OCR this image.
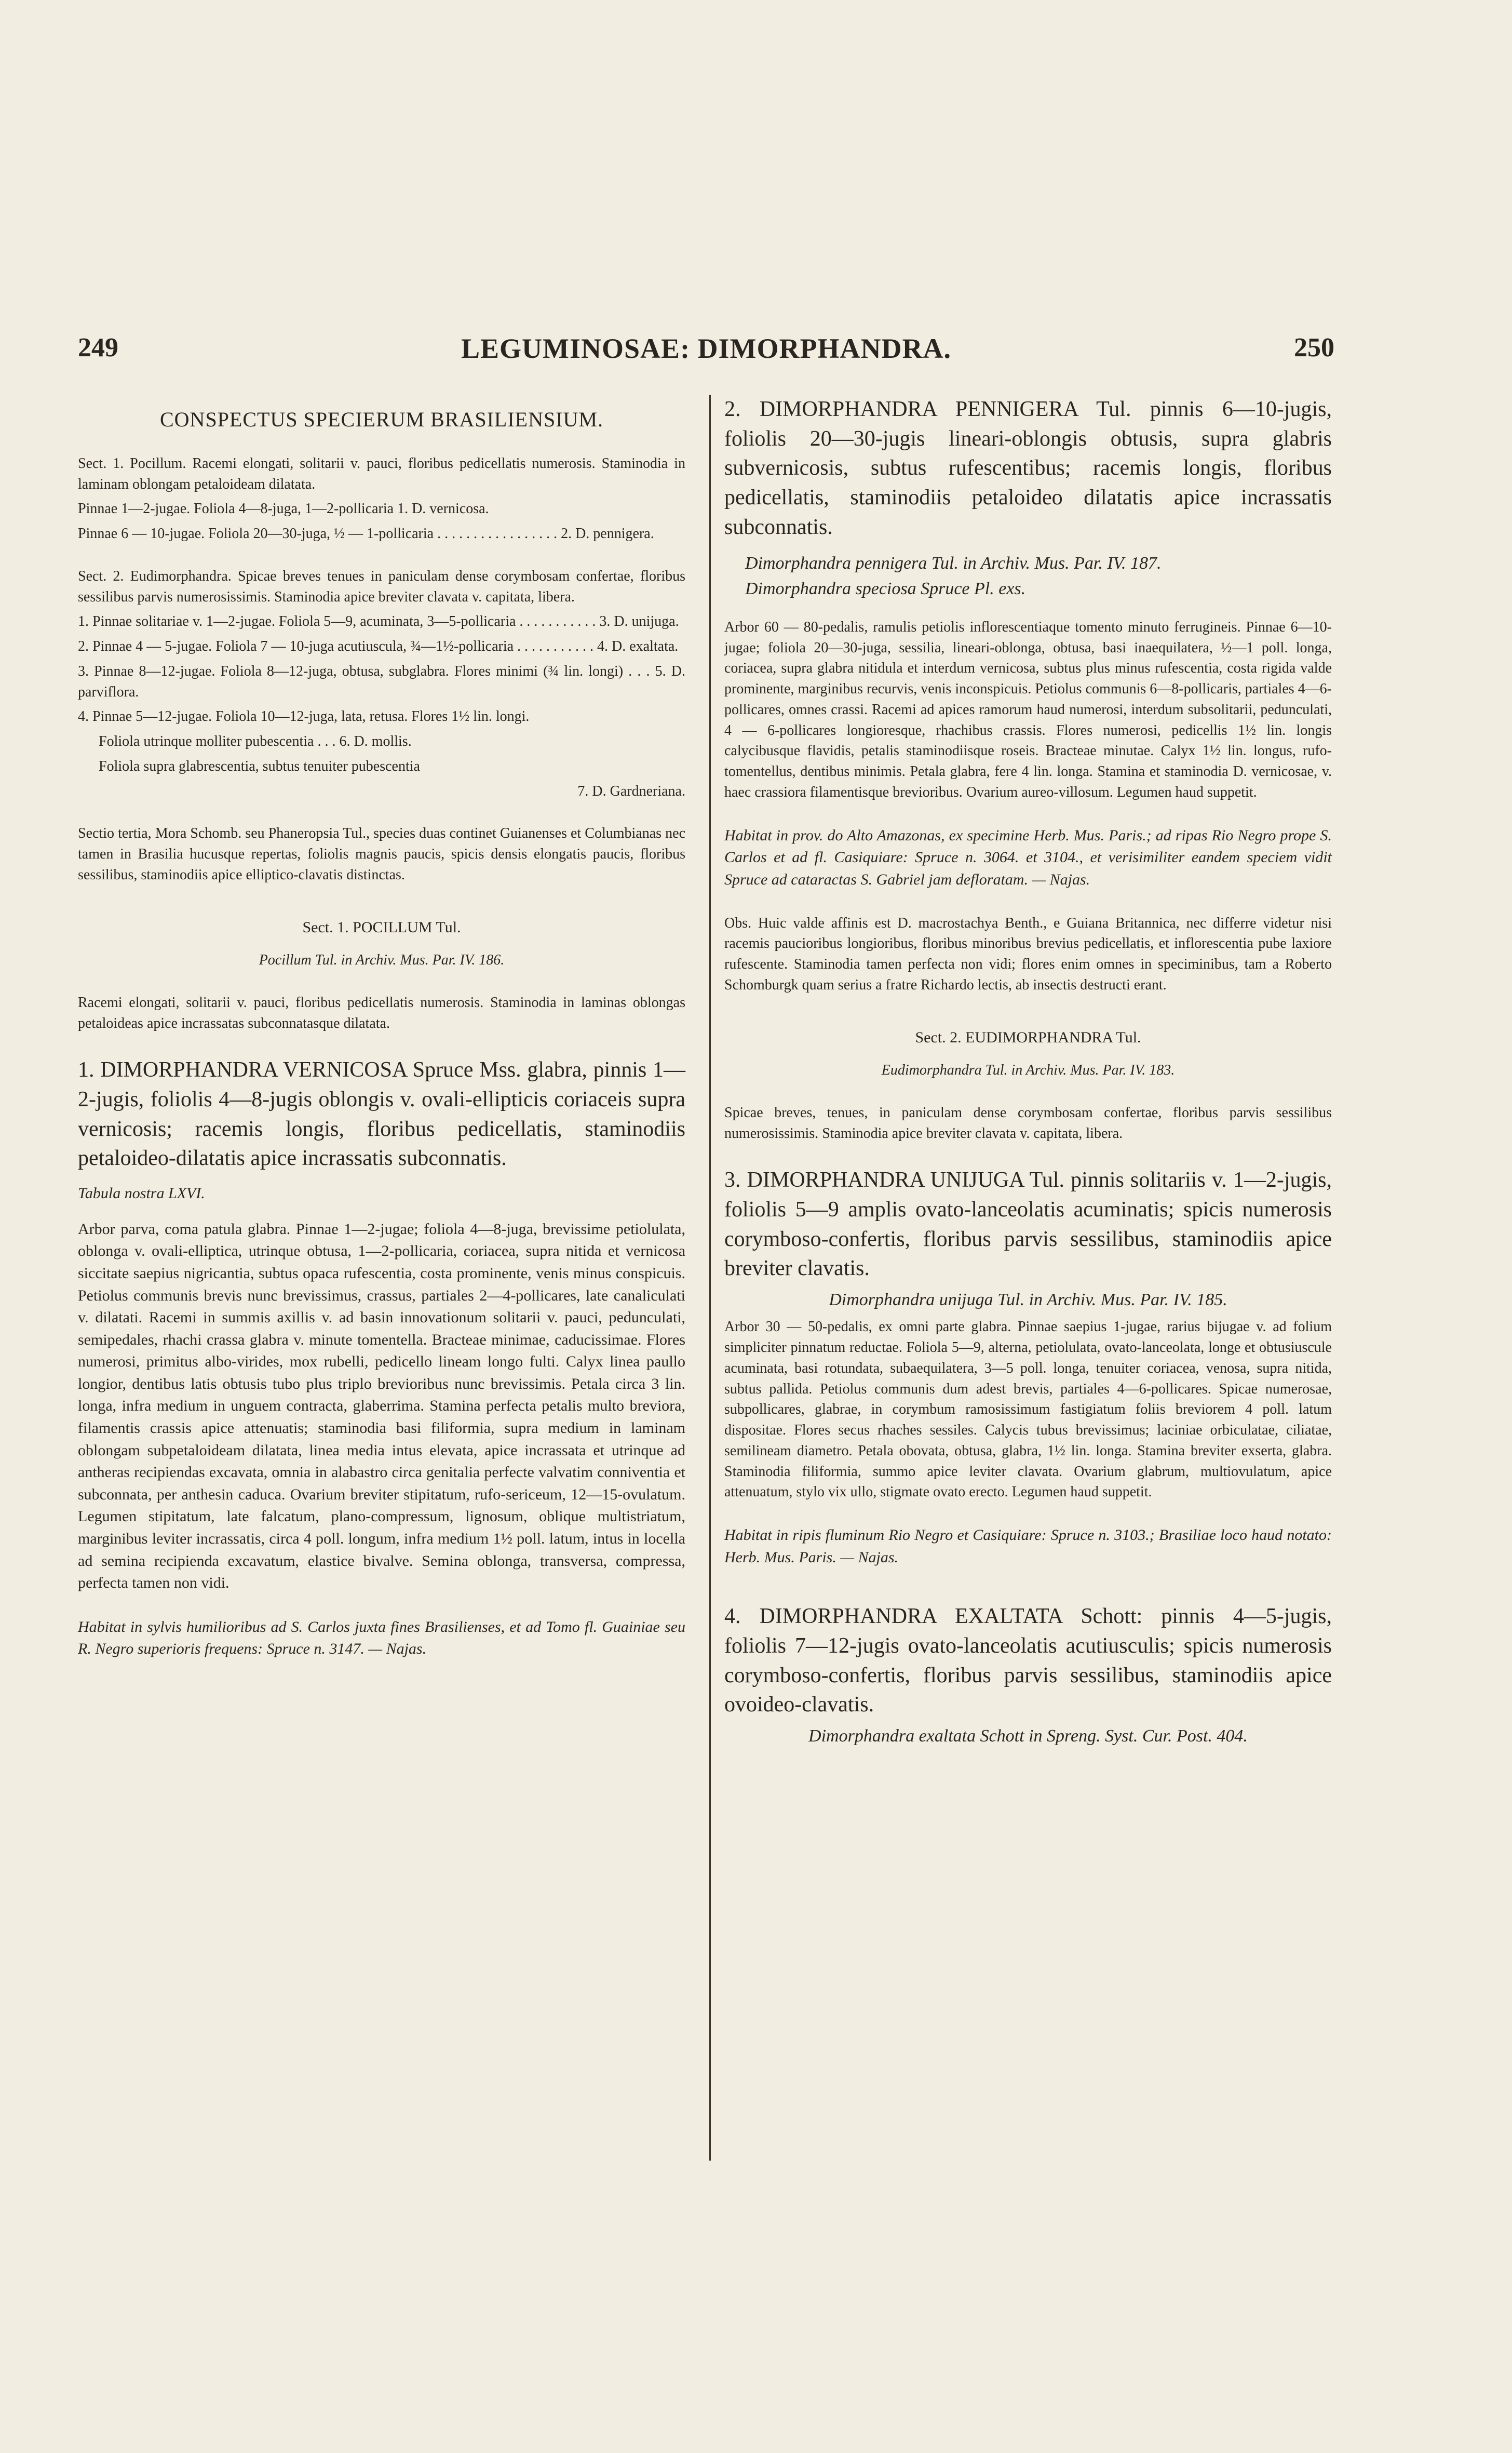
249	LEGUMINOSAE: DIMORPHANDRA.	250
CONSPECTUS SPECIERUM BRASILIENSIUM.

Sect. 1. Pocillum. Racemi elongati, solitarii v. pauci, floribus pedicellatis numerosis. Staminodia in laminam oblongam petaloideam dilatata.

Pinnae 1—2-jugae. Foliola 4—8-juga, 1—2-pollicaria 1. D. vernicosa.

Pinnae 6 — 10-jugae. Foliola 20—30-juga, ½ — 1-pollicaria . . . . . . . . . . . . . . . . . 2. D. pennigera.

Sect. 2. Eudimorphandra. Spicae breves tenues in paniculam dense corymbosam confertae, floribus sessilibus parvis numerosissimis. Staminodia apice breviter clavata v. capitata, libera.

1. Pinnae solitariae v. 1—2-jugae. Foliola 5—9, acuminata, 3—5-pollicaria . . . . . . . . . . . 3. D. unijuga.

2. Pinnae 4 — 5-jugae. Foliola 7 — 10-juga acutiuscula, ¾—1½-pollicaria . . . . . . . . . . . 4. D. exaltata.

3. Pinnae 8—12-jugae. Foliola 8—12-juga, obtusa, subglabra. Flores minimi (¾ lin. longi) . . . 5. D. parviflora.

4. Pinnae 5—12-jugae. Foliola 10—12-juga, lata, retusa. Flores 1½ lin. longi.

Foliola utrinque molliter pubescentia . . . 6. D. mollis.

Foliola supra glabrescentia, subtus tenuiter pubescentia

7. D. Gardneriana.

Sectio tertia, Mora Schomb. seu Phaneropsia Tul., species duas continet Guianenses et Columbianas nec tamen in Brasilia hucusque repertas, foliolis magnis paucis, spicis densis elongatis paucis, floribus sessilibus, staminodiis apice elliptico-clavatis distinctas.

Sect. 1. POCILLUM Tul.

Pocillum Tul. in Archiv. Mus. Par. IV. 186.

Racemi elongati, solitarii v. pauci, floribus pedicellatis numerosis. Staminodia in laminas oblongas petaloideas apice incrassatas subconnatasque dilatata.

1. DIMORPHANDRA VERNICOSA Spruce Mss. glabra, pinnis 1—2-jugis, foliolis 4—8-jugis oblongis v. ovali-ellipticis coriaceis supra vernicosis; racemis longis, floribus pedicellatis, staminodiis petaloideo-dilatatis apice incrassatis subconnatis.

Tabula nostra LXVI.

Arbor parva, coma patula glabra. Pinnae 1—2-jugae; foliola 4—8-juga, brevissime petiolulata, oblonga v. ovali-elliptica, utrinque obtusa, 1—2-pollicaria, coriacea, supra nitida et vernicosa siccitate saepius nigricantia, subtus opaca rufescentia, costa prominente, venis minus conspicuis. Petiolus communis brevis nunc brevissimus, crassus, partiales 2—4-pollicares, late canaliculati v. dilatati. Racemi in summis axillis v. ad basin innovationum solitarii v. pauci, pedunculati, semipedales, rhachi crassa glabra v. minute tomentella. Bracteae minimae, caducissimae. Flores numerosi, primitus albo-virides, mox rubelli, pedicello lineam longo fulti. Calyx linea paullo longior, dentibus latis obtusis tubo plus triplo brevioribus nunc brevissimis. Petala circa 3 lin. longa, infra medium in unguem contracta, glaberrima. Stamina perfecta petalis multo breviora, filamentis crassis apice attenuatis; staminodia basi filiformia, supra medium in laminam oblongam subpetaloideam dilatata, linea media intus elevata, apice incrassata et utrinque ad antheras recipiendas excavata, omnia in alabastro circa genitalia perfecte valvatim conniventia et subconnata, per anthesin caduca. Ovarium breviter stipitatum, rufo-sericeum, 12—15-ovulatum. Legumen stipitatum, late falcatum, plano-compressum, lignosum, oblique multistriatum, marginibus leviter incrassatis, circa 4 poll. longum, infra medium 1½ poll. latum, intus in locella ad semina recipienda excavatum, elastice bivalve. Semina oblonga, transversa, compressa, perfecta tamen non vidi.

Habitat in sylvis humilioribus ad S. Carlos juxta fines Brasilienses, et ad Tomo fl. Guainiae seu R. Negro superioris frequens: Spruce n. 3147. — Najas.

2. DIMORPHANDRA PENNIGERA Tul. pinnis 6—10-jugis, foliolis 20—30-jugis lineari-oblongis obtusis, supra glabris subvernicosis, subtus rufescentibus; racemis longis, floribus pedicellatis, staminodiis petaloideo dilatatis apice incrassatis subconnatis.

Dimorphandra pennigera Tul. in Archiv. Mus. Par. IV. 187.

Dimorphandra speciosa Spruce Pl. exs.

Arbor 60 — 80-pedalis, ramulis petiolis inflorescentiaque tomento minuto ferrugineis. Pinnae 6—10-jugae; foliola 20—30-juga, sessilia, lineari-oblonga, obtusa, basi inaequilatera, ½—1 poll. longa, coriacea, supra glabra nitidula et interdum vernicosa, subtus plus minus rufescentia, costa rigida valde prominente, marginibus recurvis, venis inconspicuis. Petiolus communis 6—8-pollicaris, partiales 4—6-pollicares, omnes crassi. Racemi ad apices ramorum haud numerosi, interdum subsolitarii, pedunculati, 4 — 6-pollicares longioresque, rhachibus crassis. Flores numerosi, pedicellis 1½ lin. longis calycibusque flavidis, petalis staminodiisque roseis. Bracteae minutae. Calyx 1½ lin. longus, rufo-tomentellus, dentibus minimis. Petala glabra, fere 4 lin. longa. Stamina et staminodia D. vernicosae, v. haec crassiora filamentisque brevioribus. Ovarium aureo-villosum. Legumen haud suppetit.

Habitat in prov. do Alto Amazonas, ex specimine Herb. Mus. Paris.; ad ripas Rio Negro prope S. Carlos et ad fl. Casiquiare: Spruce n. 3064. et 3104., et verisimiliter eandem speciem vidit Spruce ad cataractas S. Gabriel jam defloratam. — Najas.

Obs. Huic valde affinis est D. macrostachya Benth., e Guiana Britannica, nec differre videtur nisi racemis paucioribus longioribus, floribus minoribus brevius pedicellatis, et inflorescentia pube laxiore rufescente. Staminodia tamen perfecta non vidi; flores enim omnes in speciminibus, tam a Roberto Schomburgk quam serius a fratre Richardo lectis, ab insectis destructi erant.

Sect. 2. EUDIMORPHANDRA Tul.

Eudimorphandra Tul. in Archiv. Mus. Par. IV. 183.

Spicae breves, tenues, in paniculam dense corymbosam confertae, floribus parvis sessilibus numerosissimis. Staminodia apice breviter clavata v. capitata, libera.

3. DIMORPHANDRA UNIJUGA Tul. pinnis solitariis v. 1—2-jugis, foliolis 5—9 amplis ovato-lanceolatis acuminatis; spicis numerosis corymboso-confertis, floribus parvis sessilibus, staminodiis apice breviter clavatis.

Dimorphandra unijuga Tul. in Archiv. Mus. Par. IV. 185.

Arbor 30 — 50-pedalis, ex omni parte glabra. Pinnae saepius 1-jugae, rarius bijugae v. ad folium simpliciter pinnatum reductae. Foliola 5—9, alterna, petiolulata, ovato-lanceolata, longe et obtusiuscule acuminata, basi rotundata, subaequilatera, 3—5 poll. longa, tenuiter coriacea, venosa, supra nitida, subtus pallida. Petiolus communis dum adest brevis, partiales 4—6-pollicares. Spicae numerosae, subpollicares, glabrae, in corymbum ramosissimum fastigiatum foliis breviorem 4 poll. latum dispositae. Flores secus rhaches sessiles. Calycis tubus brevissimus; laciniae orbiculatae, ciliatae, semilineam diametro. Petala obovata, obtusa, glabra, 1½ lin. longa. Stamina breviter exserta, glabra. Staminodia filiformia, summo apice leviter clavata. Ovarium glabrum, multiovulatum, apice attenuatum, stylo vix ullo, stigmate ovato erecto. Legumen haud suppetit.

Habitat in ripis fluminum Rio Negro et Casiquiare: Spruce n. 3103.; Brasiliae loco haud notato: Herb. Mus. Paris. — Najas.

4. DIMORPHANDRA EXALTATA Schott: pinnis 4—5-jugis, foliolis 7—12-jugis ovato-lanceolatis acutiusculis; spicis numerosis corymboso-confertis, floribus parvis sessilibus, staminodiis apice ovoideo-clavatis.

Dimorphandra exaltata Schott in Spreng. Syst. Cur. Post. 404.
